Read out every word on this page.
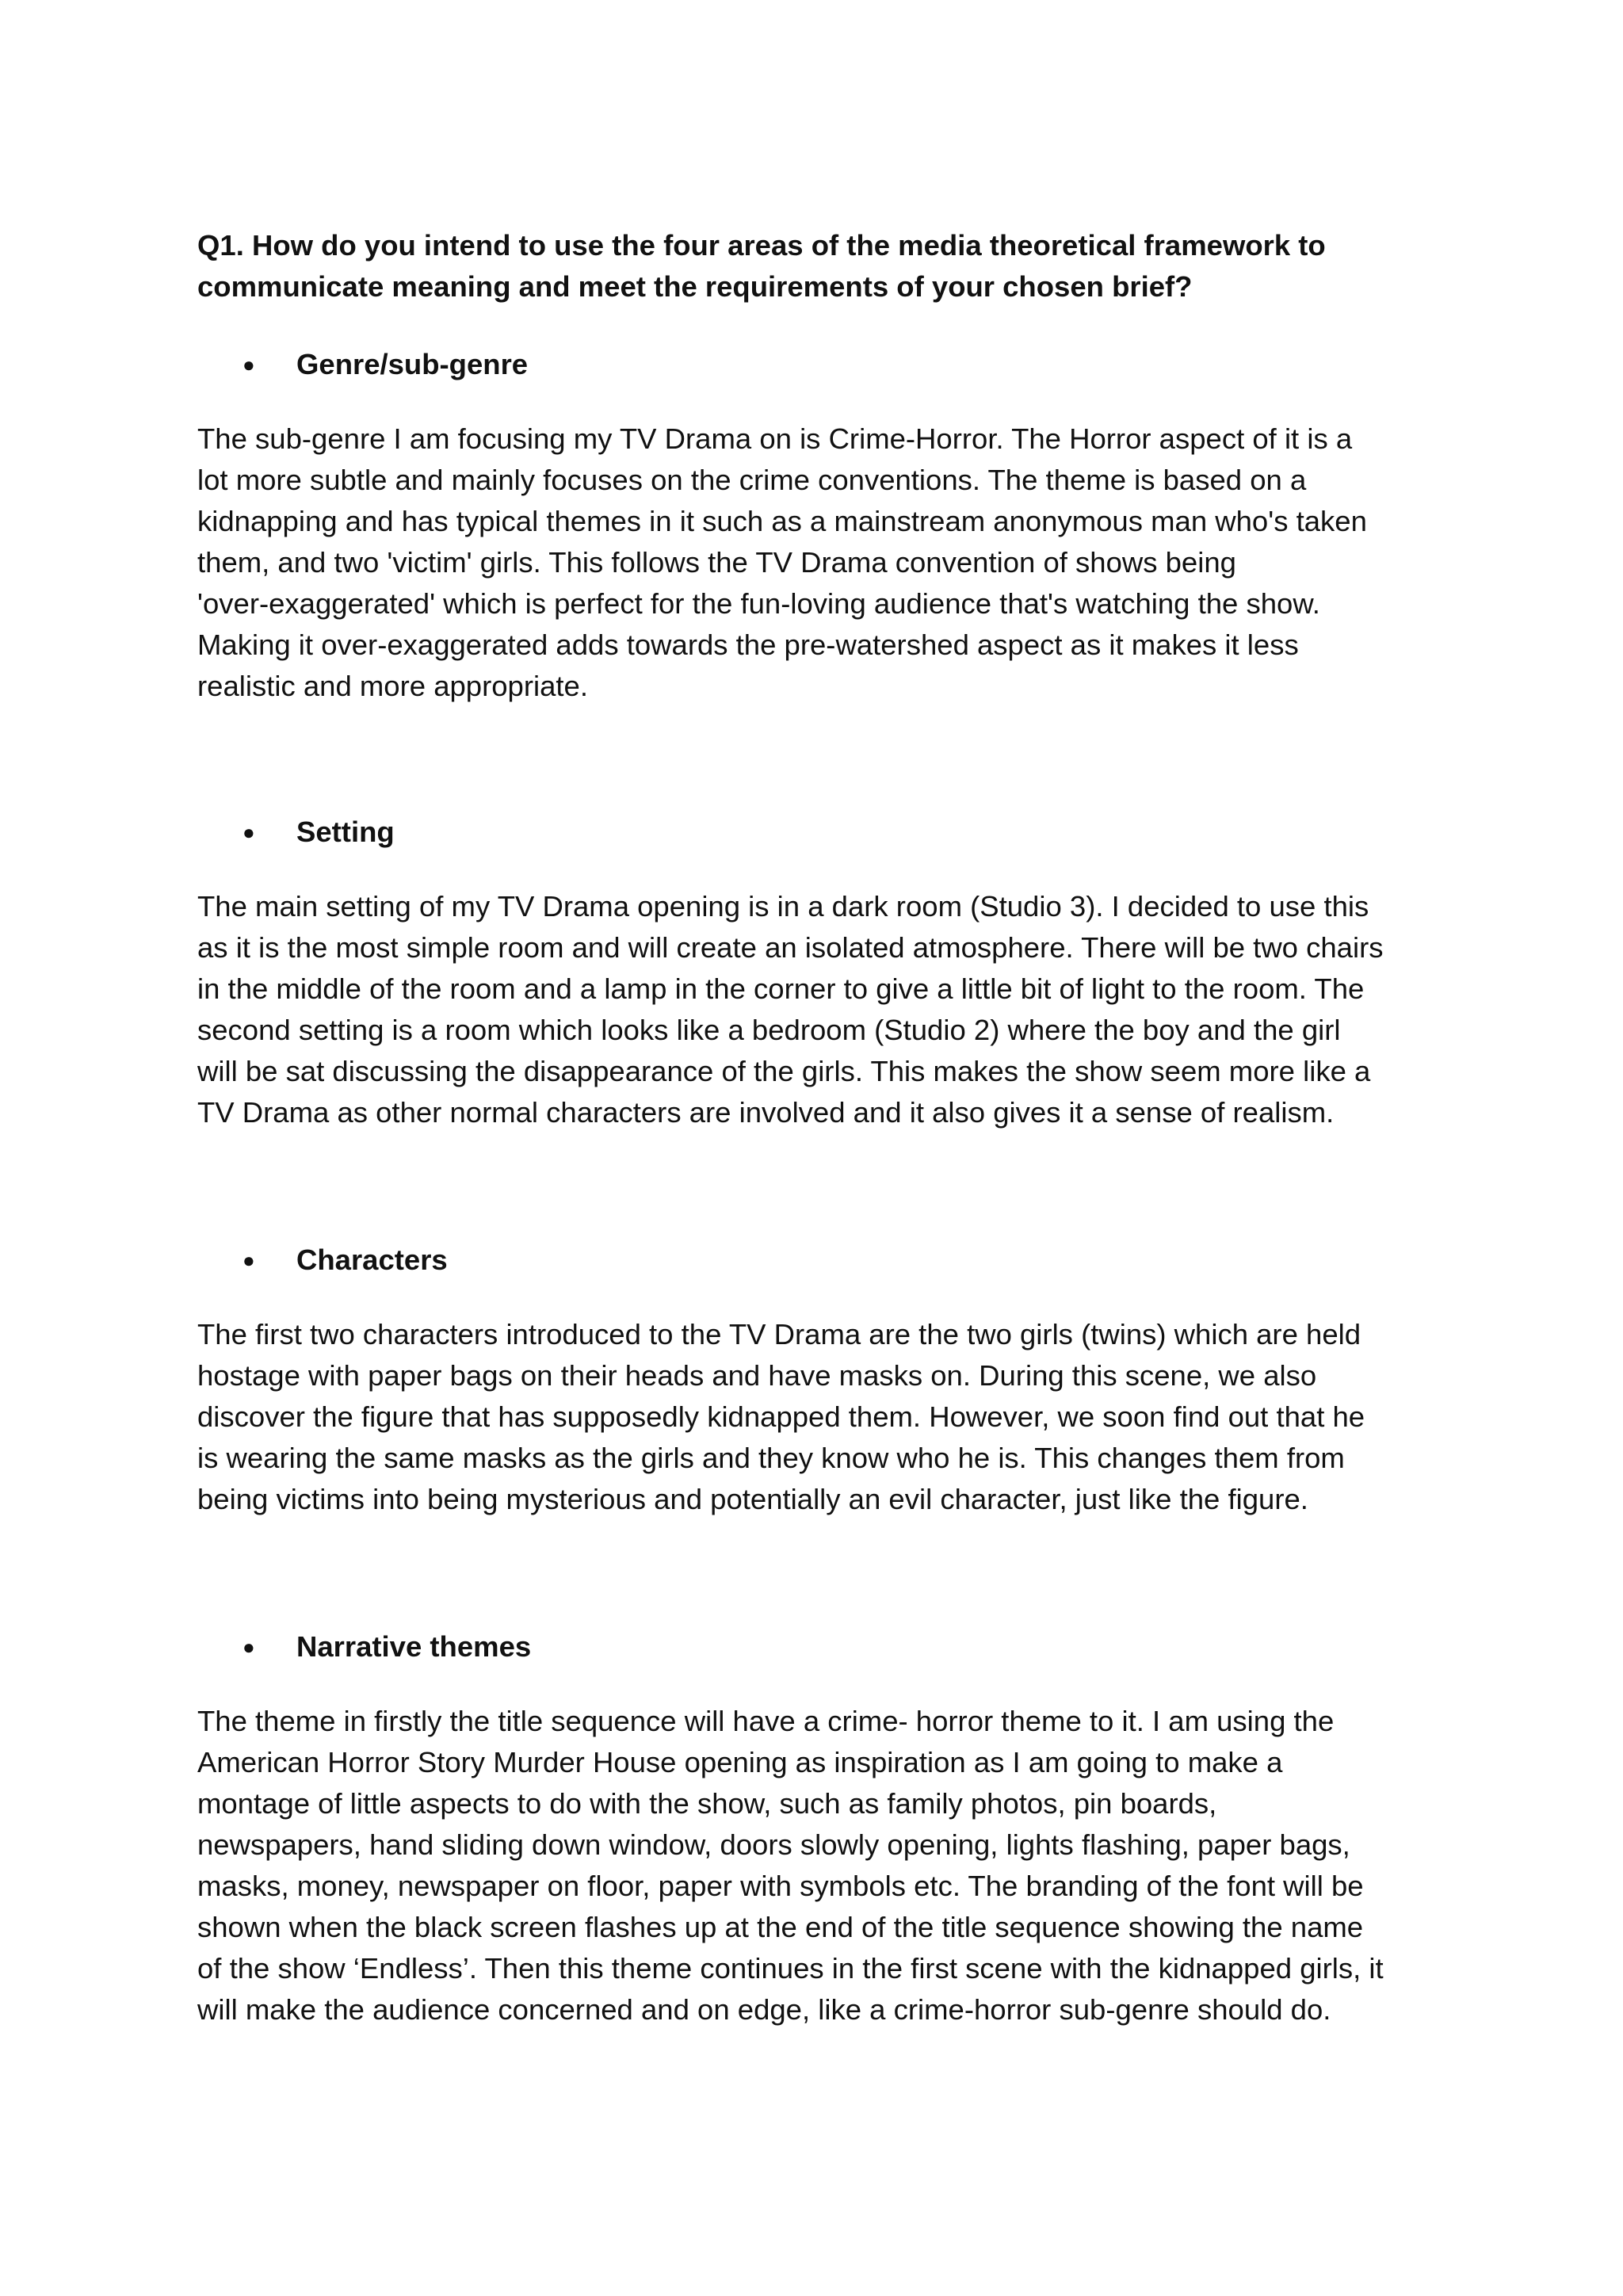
Q1. How do you intend to use the four areas of the media theoretical framework to
communicate meaning and meet the requirements of your chosen brief?

● Genre/sub-genre

The sub-genre I am focusing my TV Drama on is Crime-Horror. The Horror aspect of it is a
lot more subtle and mainly focuses on the crime conventions. The theme is based on a
kidnapping and has typical themes in it such as a mainstream anonymous man who's taken
them, and two 'victim' girls. This follows the TV Drama convention of shows being
'over-exaggerated' which is perfect for the fun-loving audience that's watching the show.
Making it over-exaggerated adds towards the pre-watershed aspect as it makes it less
realistic and more appropriate.

● Setting

The main setting of my TV Drama opening is in a dark room (Studio 3). I decided to use this
as it is the most simple room and will create an isolated atmosphere. There will be two chairs
in the middle of the room and a lamp in the corner to give a little bit of light to the room. The
second setting is a room which looks like a bedroom (Studio 2) where the boy and the girl
will be sat discussing the disappearance of the girls. This makes the show seem more like a
TV Drama as other normal characters are involved and it also gives it a sense of realism.

● Characters

The first two characters introduced to the TV Drama are the two girls (twins) which are held
hostage with paper bags on their heads and have masks on. During this scene, we also
discover the figure that has supposedly kidnapped them. However, we soon find out that he
is wearing the same masks as the girls and they know who he is. This changes them from
being victims into being mysterious and potentially an evil character, just like the figure.

● Narrative themes

The theme in firstly the title sequence will have a crime- horror theme to it. I am using the
American Horror Story Murder House opening as inspiration as I am going to make a
montage of little aspects to do with the show, such as family photos, pin boards,
newspapers, hand sliding down window, doors slowly opening, lights flashing, paper bags,
masks, money, newspaper on floor, paper with symbols etc. The branding of the font will be
shown when the black screen flashes up at the end of the title sequence showing the name
of the show ‘Endless’. Then this theme continues in the first scene with the kidnapped girls, it
will make the audience concerned and on edge, like a crime-horror sub-genre should do.
